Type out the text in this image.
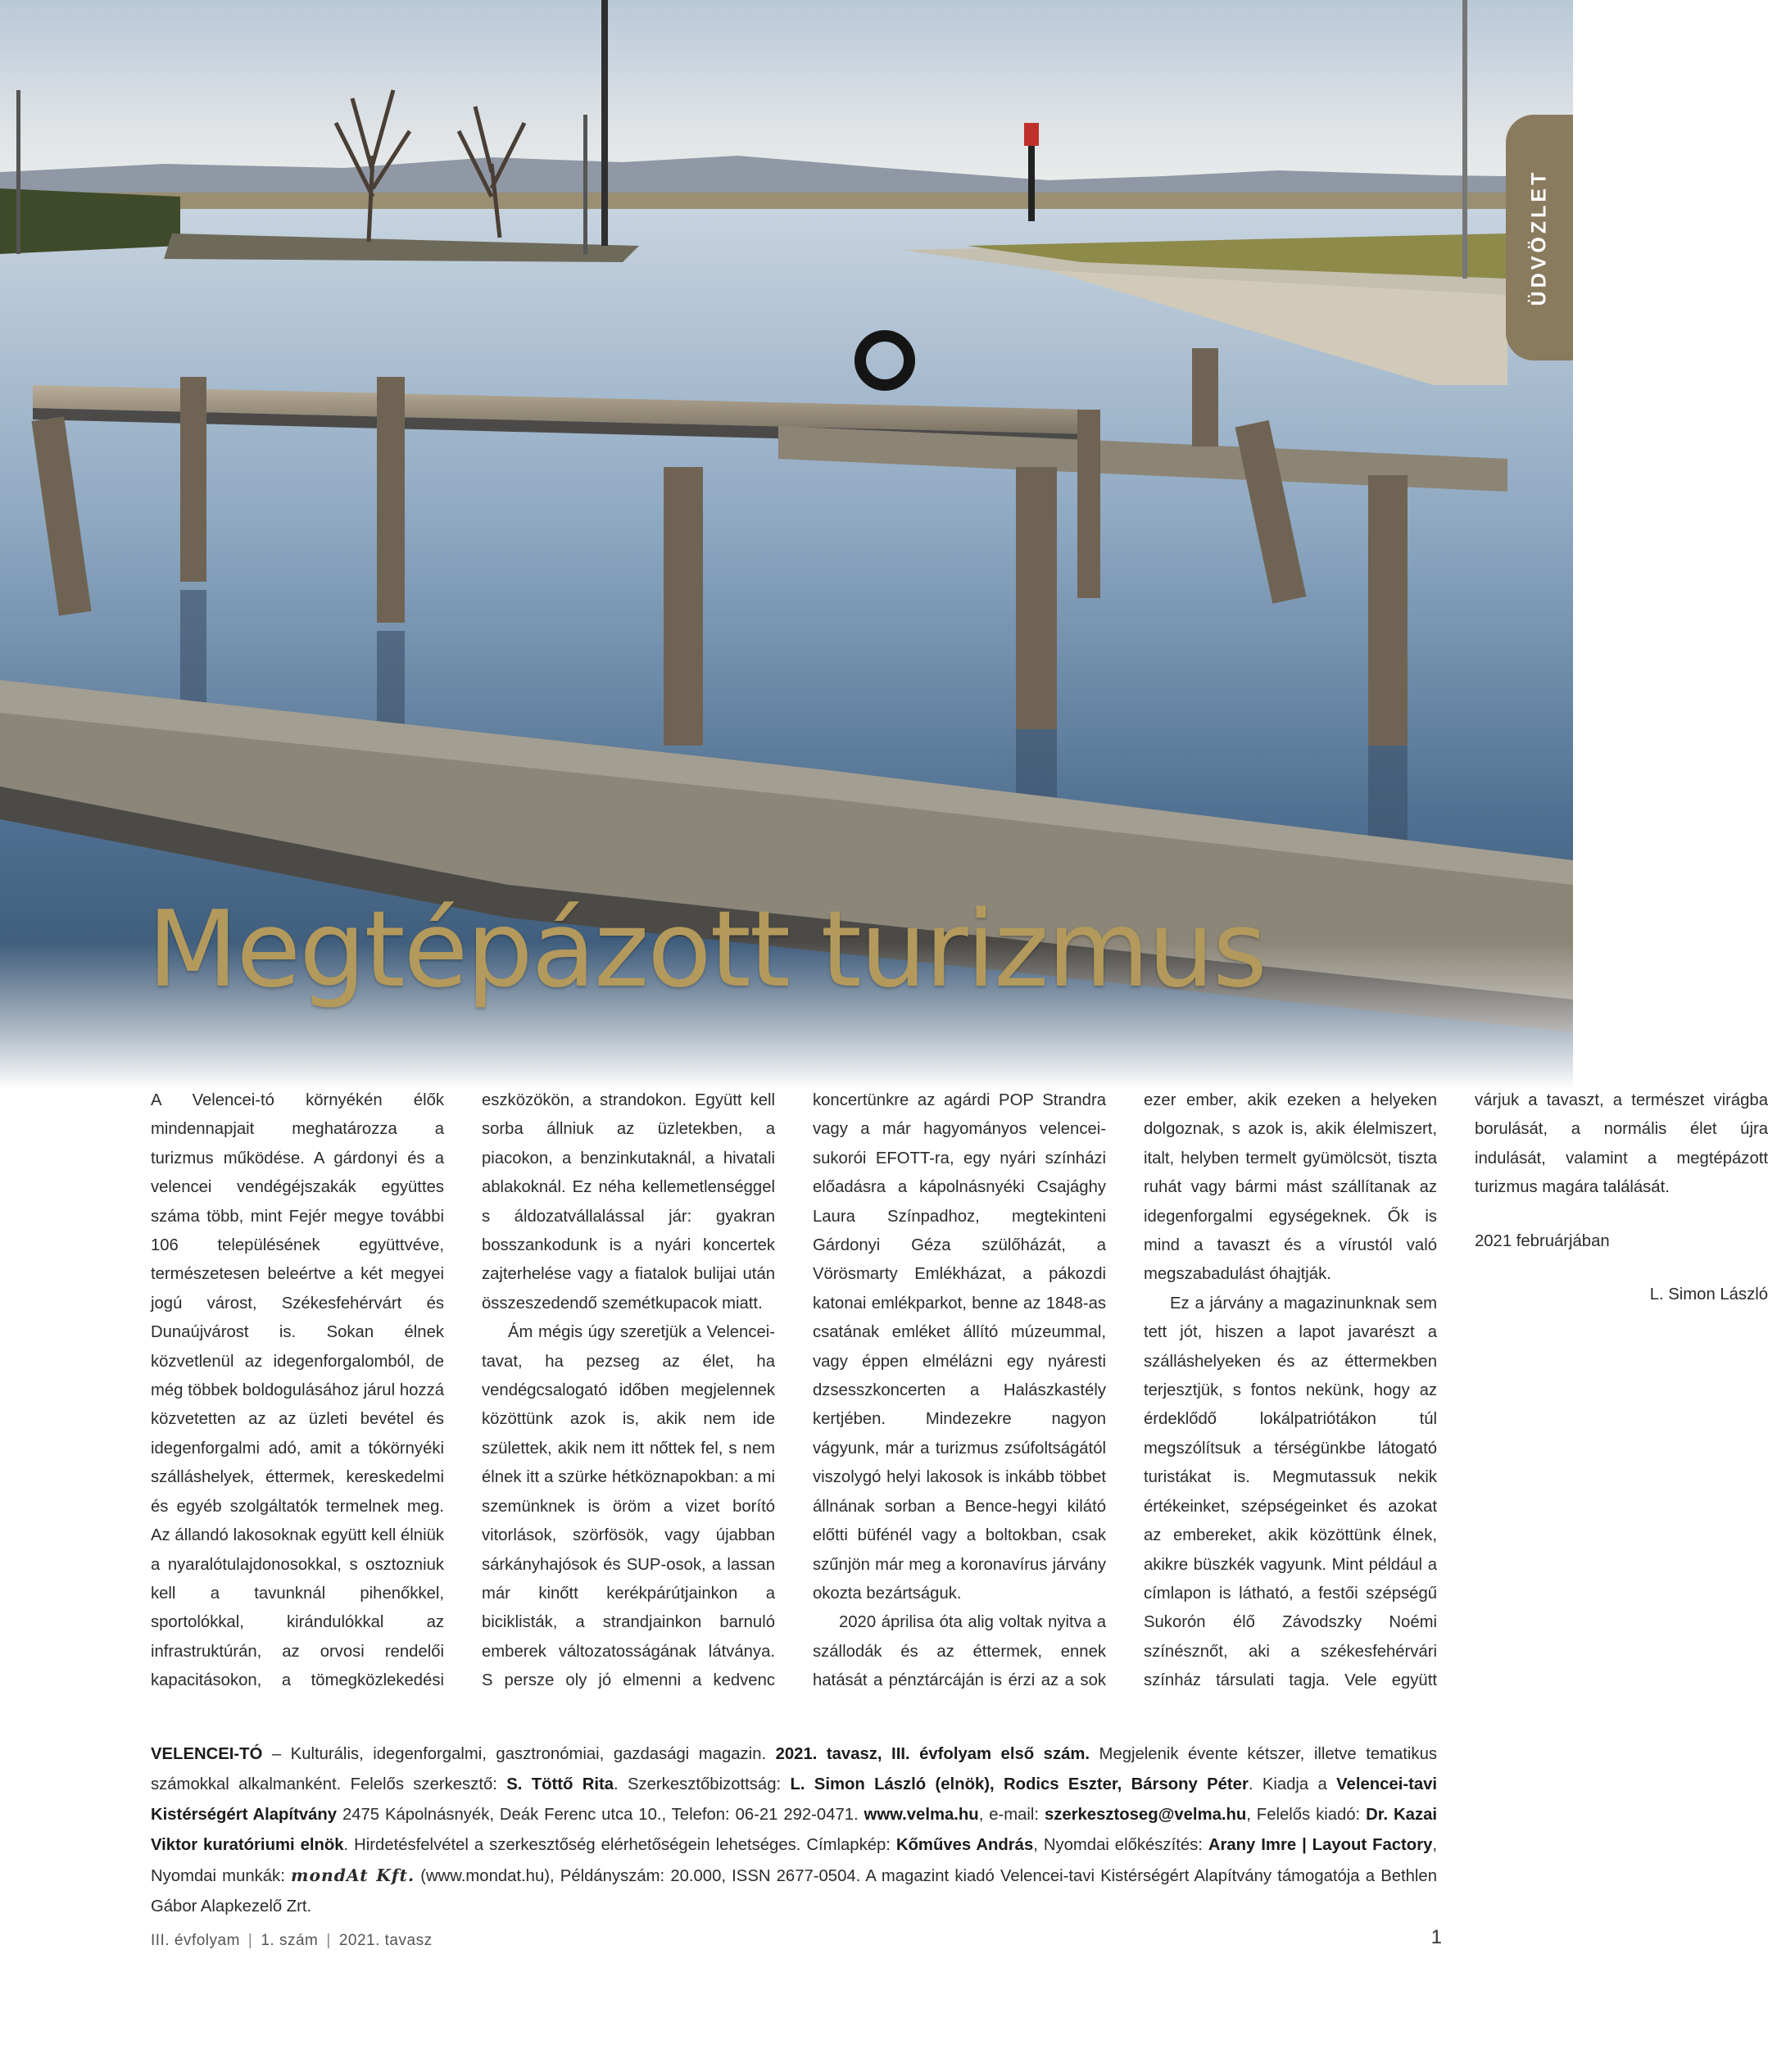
ÜDVÖZLET
Megtépázott turizmus

A Velencei-tó környékén élők mindennapjait meghatározza a turizmus működése. A gárdonyi és a velencei vendégéjszakák együttes száma több, mint Fejér megye további 106 településének együttvéve, természetesen beleértve a két megyei jogú várost, Székesfehérvárt és Dunaújvárost is. Sokan élnek közvetlenül az idegenforgalomból, de még többek boldogulásához járul hozzá közvetetten az az üzleti bevétel és idegenforgalmi adó, amit a tókörnyéki szálláshelyek, éttermek, kereskedelmi és egyéb szolgáltatók termelnek meg. Az állandó lakosoknak együtt kell élniük a nyaralótulajdonosokkal, s osztozniuk kell a tavunknál pihenőkkel, sportolókkal, kirándulókkal az infrastruktúrán, az orvosi rendelői kapacitásokon, a tömegközlekedési eszközökön, a strandokon. Együtt kell sorba állniuk az üzletekben, a piacokon, a benzinkutaknál, a hivatali ablakoknál. Ez néha kellemetlenséggel s áldozatvállalással jár: gyakran bosszankodunk is a nyári koncertek zajterhelése vagy a fiatalok bulijai után összeszedendő szemétkupacok miatt.

Ám mégis úgy szeretjük a Velencei-tavat, ha pezseg az élet, ha vendégcsalogató időben megjelennek közöttünk azok is, akik nem ide születtek, akik nem itt nőttek fel, s nem élnek itt a szürke hétköznapokban: a mi szemünknek is öröm a vizet borító vitorlások, szörfösök, vagy újabban sárkányhajósok és SUP-osok, a lassan már kinőtt kerékpárútjainkon a biciklisták, a strandjainkon barnuló emberek változatosságának látványa. S persze oly jó elmenni a kedvenc koncertünkre az agárdi POP Strandra vagy a már hagyományos velencei-sukorói EFOTT-ra, egy nyári színházi előadásra a kápolnásnyéki Csajághy Laura Színpadhoz, megtekinteni Gárdonyi Géza szülőházát, a Vörösmarty Emlékházat, a pákozdi katonai emlékparkot, benne az 1848-as csatának emléket állító múzeummal, vagy éppen elmélázni egy nyáresti dzsesszkoncerten a Halászkastély kertjében. Mindezekre nagyon vágyunk, már a turizmus zsúfoltságától viszolygó helyi lakosok is inkább többet állnának sorban a Bence-hegyi kilátó előtti büfénél vagy a boltokban, csak szűnjön már meg a koronavírus járvány okozta bezártságuk.

2020 áprilisa óta alig voltak nyitva a szállodák és az éttermek, ennek hatását a pénztárcáján is érzi az a sok ezer ember, akik ezeken a helyeken dolgoznak, s azok is, akik élelmiszert, italt, helyben termelt gyümölcsöt, tiszta ruhát vagy bármi mást szállítanak az idegenforgalmi egységeknek. Ők is mind a tavaszt és a vírustól való megszabadulást óhajtják.

Ez a járvány a magazinunknak sem tett jót, hiszen a lapot javarészt a szálláshelyeken és az éttermekben terjesztjük, s fontos nekünk, hogy az érdeklődő lokálpatriótákon túl megszólítsuk a térségünkbe látogató turistákat is. Megmutassuk nekik értékeinket, szépségeinket és azokat az embereket, akik közöttünk élnek, akikre büszkék vagyunk. Mint például a címlapon is látható, a festői szépségű Sukorón élő Závodszky Noémi színésznőt, aki a székesfehérvári színház társulati tagja. Vele együtt várjuk a tavaszt, a természet virágba borulását, a normális élet újra indulását, valamint a megtépázott turizmus magára találását.

2021 februárjában

L. Simon László

VELENCEI-TÓ – Kulturális, idegenforgalmi, gasztronómiai, gazdasági magazin. 2021. tavasz, III. évfolyam első szám. Megjelenik évente kétszer, illetve tematikus számokkal alkalmanként. Felelős szerkesztő: S. Töttő Rita. Szerkesztőbizottság: L. Simon László (elnök), Rodics Eszter, Bársony Péter. Kiadja a Velencei-tavi Kistérségért Alapítvány 2475 Kápolnásnyék, Deák Ferenc utca 10., Telefon: 06-21 292-0471. www.velma.hu, e-mail: szerkesztoseg@velma.hu, Felelős kiadó: Dr. Kazai Viktor kuratóriumi elnök. Hirdetésfelvétel a szerkesztőség elérhetőségein lehetséges. Címlapkép: Kőműves András, Nyomdai előkészítés: Arany Imre | Layout Factory, Nyomdai munkák: mondAt Kft. (www.mondat.hu), Példányszám: 20.000, ISSN 2677-0504. A magazint kiadó Velencei-tavi Kistérségért Alapítvány támogatója a Bethlen Gábor Alapkezelő Zrt.
III. évfolyam | 1. szám | 2021. tavasz	1
